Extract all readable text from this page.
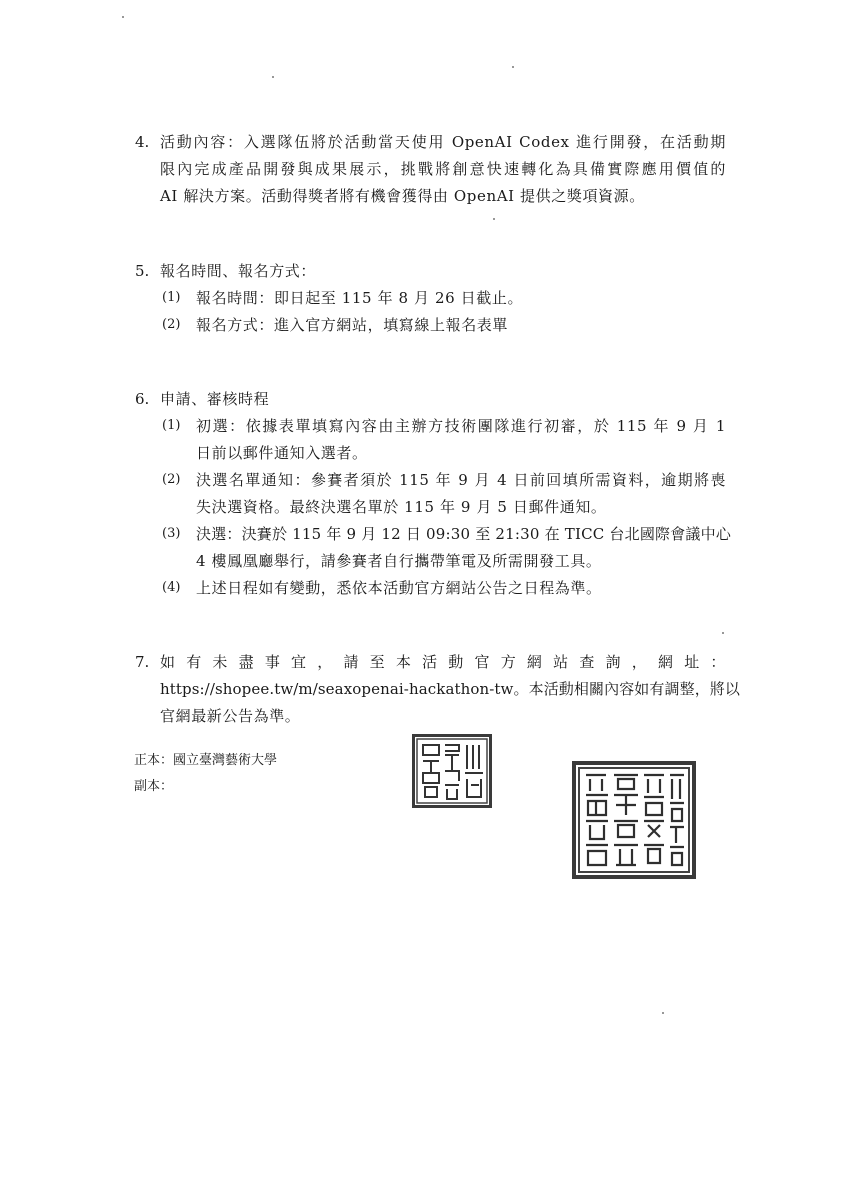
4. 活動內容：入選隊伍將於活動當天使用 OpenAI Codex 進行開發，在活動期
限內完成產品開發與成果展示，挑戰將創意快速轉化為具備實際應用價值的
AI 解決方案。活動得獎者將有機會獲得由 OpenAI 提供之獎項資源。
5. 報名時間、報名方式：
(1) 報名時間：即日起至 115 年 8 月 26 日截止。
(2) 報名方式：進入官方網站，填寫線上報名表單
6. 申請、審核時程
(1) 初選：依據表單填寫內容由主辦方技術團隊進行初審，於 115 年 9 月 1
日前以郵件通知入選者。
(2) 決選名單通知：參賽者須於 115 年 9 月 4 日前回填所需資料，逾期將喪
失決選資格。最終決選名單於 115 年 9 月 5 日郵件通知。
(3) 決選：決賽於 115 年 9 月 12 日 09:30 至 21:30 在 TICC 台北國際會議中心
4 樓鳳凰廳舉行，請參賽者自行攜帶筆電及所需開發工具。
(4) 上述日程如有變動，悉依本活動官方網站公告之日程為準。
7. 如有未盡事宜，請至本活動官方網站查詢，網址：
https://shopee.tw/m/seaxopenai-hackathon-tw。本活動相關內容如有調整，將以
官網最新公告為準。
正本：國立臺灣藝術大學
副本：
